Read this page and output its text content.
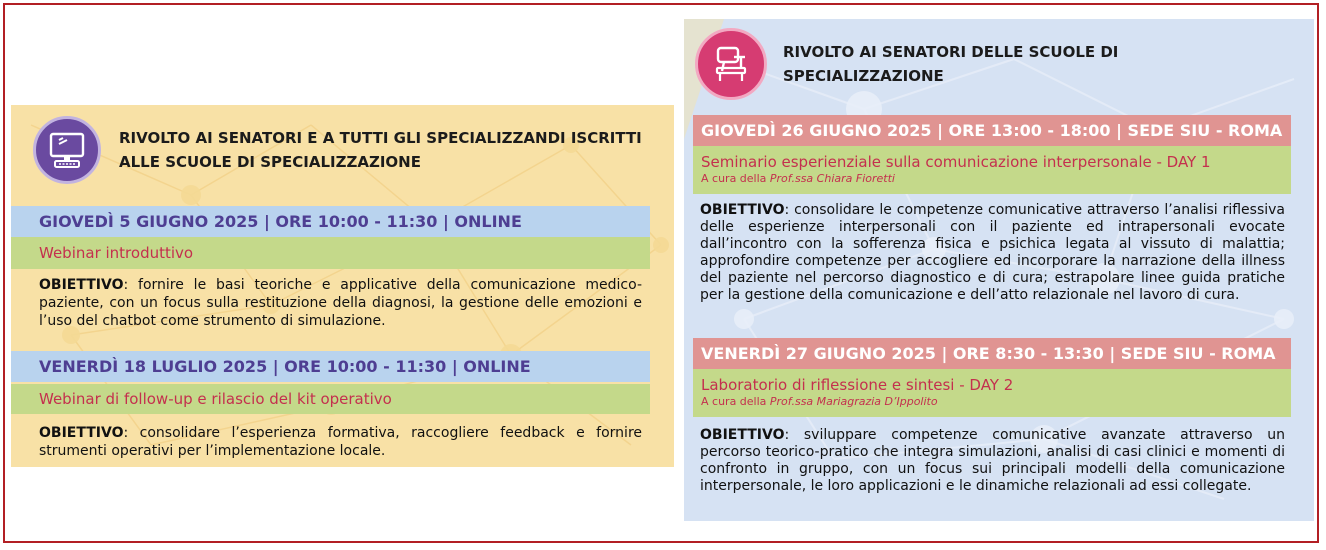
RIVOLTO AI SENATORI E A TUTTI GLI SPECIALIZZANDI ISCRITTI ALLE SCUOLE DI SPECIALIZZAZIONE
GIOVEDÌ 5 GIUGNO 2025 | ORE 10:00 - 11:30 | ONLINE
Webinar introduttivo
OBIETTIVO: fornire le basi teoriche e applicative della comunicazione medico-paziente, con un focus sulla restituzione della diagnosi, la gestione delle emozioni e l’uso del chatbot come strumento di simulazione.
VENERDÌ 18 LUGLIO 2025 | ORE 10:00 - 11:30 | ONLINE
Webinar di follow-up e rilascio del kit operativo
OBIETTIVO: consolidare l’esperienza formativa, raccogliere feedback e fornire strumenti operativi per l’implementazione locale.
RIVOLTO AI SENATORI DELLE SCUOLE DI SPECIALIZZAZIONE
GIOVEDÌ 26 GIUGNO 2025 | ORE 13:00 - 18:00 | SEDE SIU - ROMA
Seminario esperienziale sulla comunicazione interpersonale - DAY 1
A cura della Prof.ssa Chiara Fioretti
OBIETTIVO: consolidare le competenze comunicative attraverso l’analisi riflessiva delle esperienze interpersonali con il paziente ed intrapersonali evocate dall’incontro con la sofferenza fisica e psichica legata al vissuto di malattia; approfondire competenze per accogliere ed incorporare la narrazione della illness del paziente nel percorso diagnostico e di cura; estrapolare linee guida pratiche per la gestione della comunicazione e dell’atto relazionale nel lavoro di cura.
VENERDÌ 27 GIUGNO 2025 | ORE 8:30 - 13:30 | SEDE SIU - ROMA
Laboratorio di riflessione e sintesi - DAY 2
A cura della Prof.ssa Mariagrazia D’Ippolito
OBIETTIVO: sviluppare competenze comunicative avanzate attraverso un percorso teorico-pratico che integra simulazioni, analisi di casi clinici e momenti di confronto in gruppo, con un focus sui principali modelli della comunicazione interpersonale, le loro applicazioni e le dinamiche relazionali ad essi collegate.
